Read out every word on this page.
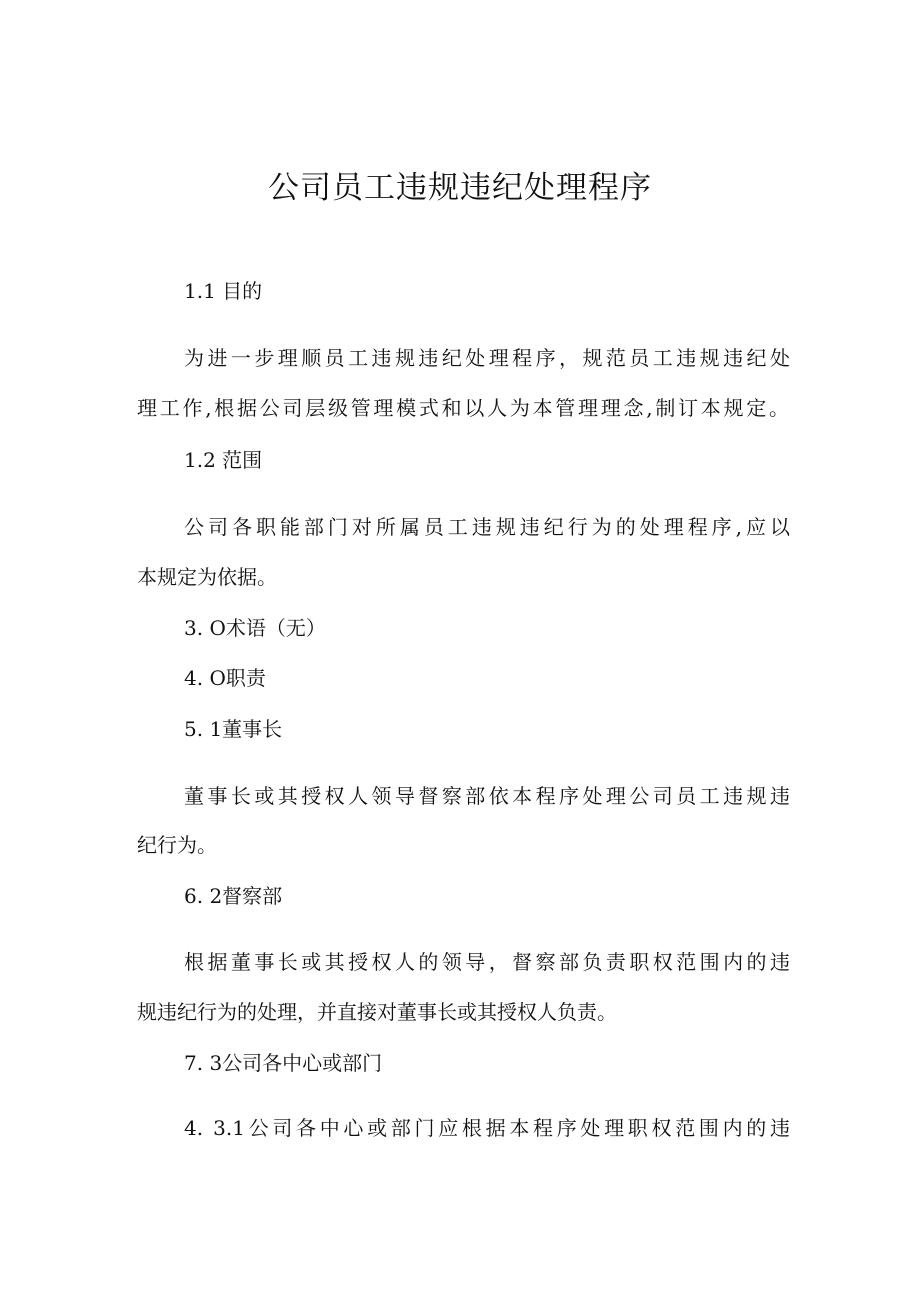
公司员工违规违纪处理程序

1.1 目的

为进一步理顺员工违规违纪处理程序，规范员工违规违纪处

理工作,根据公司层级管理模式和以人为本管理理念,制订本规定。

1.2 范围

公司各职能部门对所属员工违规违纪行为的处理程序,应以

本规定为依据。

3. O术语（无）

4. O职责

5. 1董事长

董事长或其授权人领导督察部依本程序处理公司员工违规违

纪行为。

6. 2督察部

根据董事长或其授权人的领导，督察部负责职权范围内的违

规违纪行为的处理，并直接对董事长或其授权人负责。

7. 3公司各中心或部门

4. 3.1公司各中心或部门应根据本程序处理职权范围内的违
